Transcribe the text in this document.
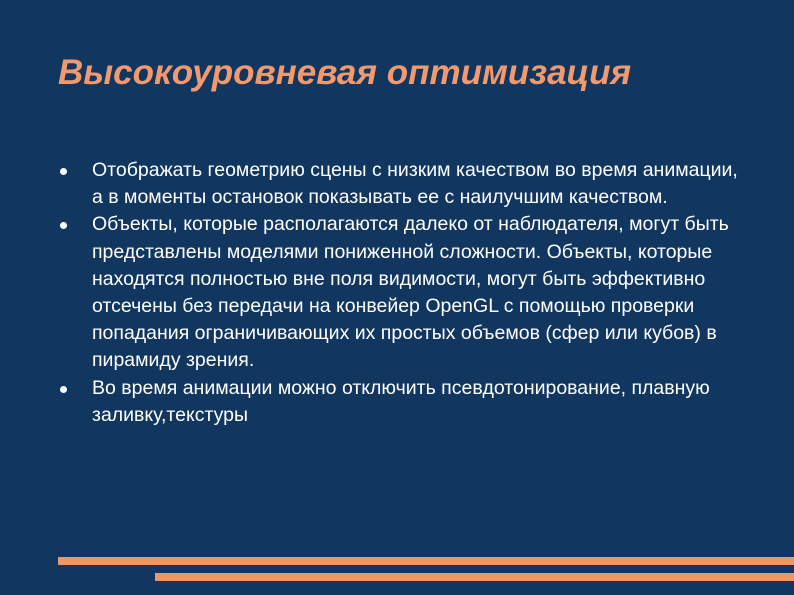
Высокоуровневая оптимизация
Отображать геометрию сцены с низким качеством во время анимации, а в моменты остановок показывать ее с наилучшим качеством.
Объекты, которые располагаются далеко от наблюдателя, могут быть представлены моделями пониженной сложности. Объекты, которые находятся полностью вне поля видимости, могут быть эффективно отсечены без передачи на конвейер OpenGL с помощью проверки попадания ограничивающих их простых объемов (сфер или кубов) в пирамиду зрения.
Во время анимации можно отключить псевдотонирование, плавную заливку,текстуры
